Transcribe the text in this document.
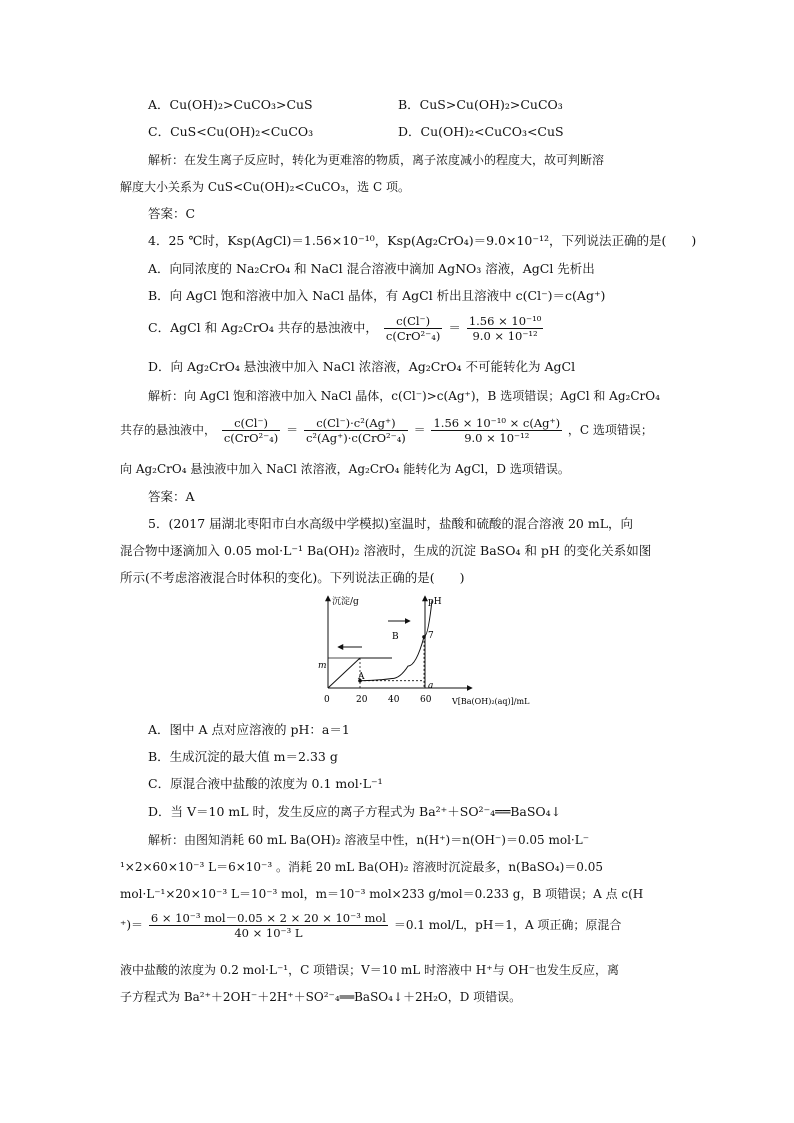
A．Cu(OH)₂>CuCO₃>CuS	B．CuS>Cu(OH)₂>CuCO₃
C．CuS<Cu(OH)₂<CuCO₃	D．Cu(OH)₂<CuCO₃<CuS
解析：在发生离子反应时，转化为更难溶的物质，离子浓度减小的程度大，故可判断溶
解度大小关系为 CuS<Cu(OH)₂<CuCO₃，选 C 项。
答案：C
4．25 ℃时，Ksp(AgCl)＝1.56×10⁻¹⁰，Ksp(Ag₂CrO₄)＝9.0×10⁻¹²，下列说法正确的是(　　)
A．向同浓度的 Na₂CrO₄ 和 NaCl 混合溶液中滴加 AgNO₃ 溶液，AgCl 先析出
B．向 AgCl 饱和溶液中加入 NaCl 晶体，有 AgCl 析出且溶液中 c(Cl⁻)＝c(Ag⁺)
C．AgCl 和 Ag₂CrO₄ 共存的悬浊液中， $\frac{c(Cl^-)}{\text{c(CrO²⁻₄)}} = \frac{\text{1.56 × 10⁻¹⁰}}{\text{9.0 × 10⁻¹²}}$
D．向 Ag₂CrO₄ 悬浊液中加入 NaCl 浓溶液，Ag₂CrO₄ 不可能转化为 AgCl
解析：向 AgCl 饱和溶液中加入 NaCl 晶体，c(Cl⁻)>c(Ag⁺)，B 选项错误；AgCl 和 Ag₂CrO₄
共存的悬浊液中， $\frac{c(Cl^-)}{\text{c(CrO²⁻₄)}} = \frac{\text{c(Cl⁻)·c²(Ag⁺)}}{\text{c²(Ag⁺)·c(CrO²⁻₄)}} = \frac{\text{1.56 × 10⁻¹⁰ × c(Ag⁺)}}{\text{9.0 × 10⁻¹²}}$ ，C 选项错误；
向 Ag₂CrO₄ 悬浊液中加入 NaCl 浓溶液，Ag₂CrO₄ 能转化为 AgCl，D 选项错误。
答案：A
5．(2017 届湖北枣阳市白水高级中学模拟)室温时，盐酸和硫酸的混合溶液 20 mL，向
混合物中逐滴加入 0.05 mol·L⁻¹ Ba(OH)₂ 溶液时，生成的沉淀 BaSO₄ 和 pH 的变化关系如图
所示(不考虑溶液混合时体积的变化)。下列说法正确的是(　　)
沉淀/g	pH
V[Ba(OH)₂(aq)]/mL
0	20 40 60
m
7
a
A
B
A．图中 A 点对应溶液的 pH：a＝1
B．生成沉淀的最大值 m＝2.33 g
C．原混合液中盐酸的浓度为 0.1 mol·L⁻¹
D．当 V＝10 mL 时，发生反应的离子方程式为 Ba²⁺＋SO²⁻₄══BaSO₄↓
解析：由图知消耗 60 mL Ba(OH)₂ 溶液呈中性，n(H⁺)＝n(OH⁻)＝0.05 mol·L⁻
¹×2×60×10⁻³ L＝6×10⁻³ 。消耗 20 mL Ba(OH)₂ 溶液时沉淀最多，n(BaSO₄)＝0.05
mol·L⁻¹×20×10⁻³ L＝10⁻³ mol，m＝10⁻³ mol×233 g/mol＝0.233 g，B 项错误；A 点 c(H
⁺)＝ $\frac{\text{6 × 10⁻³ mol－0.05 × 2 × 20 × 10⁻³ mol}}{\text{40 × 10⁻³ L}} =0.1$ mol/L，pH＝1，A 项正确；原混合
液中盐酸的浓度为 0.2 mol·L⁻¹，C 项错误；V＝10 mL 时溶液中 H⁺与 OH⁻也发生反应，离
子方程式为 Ba²⁺＋2OH⁻＋2H⁺＋SO²⁻₄══BaSO₄↓＋2H₂O，D 项错误。
